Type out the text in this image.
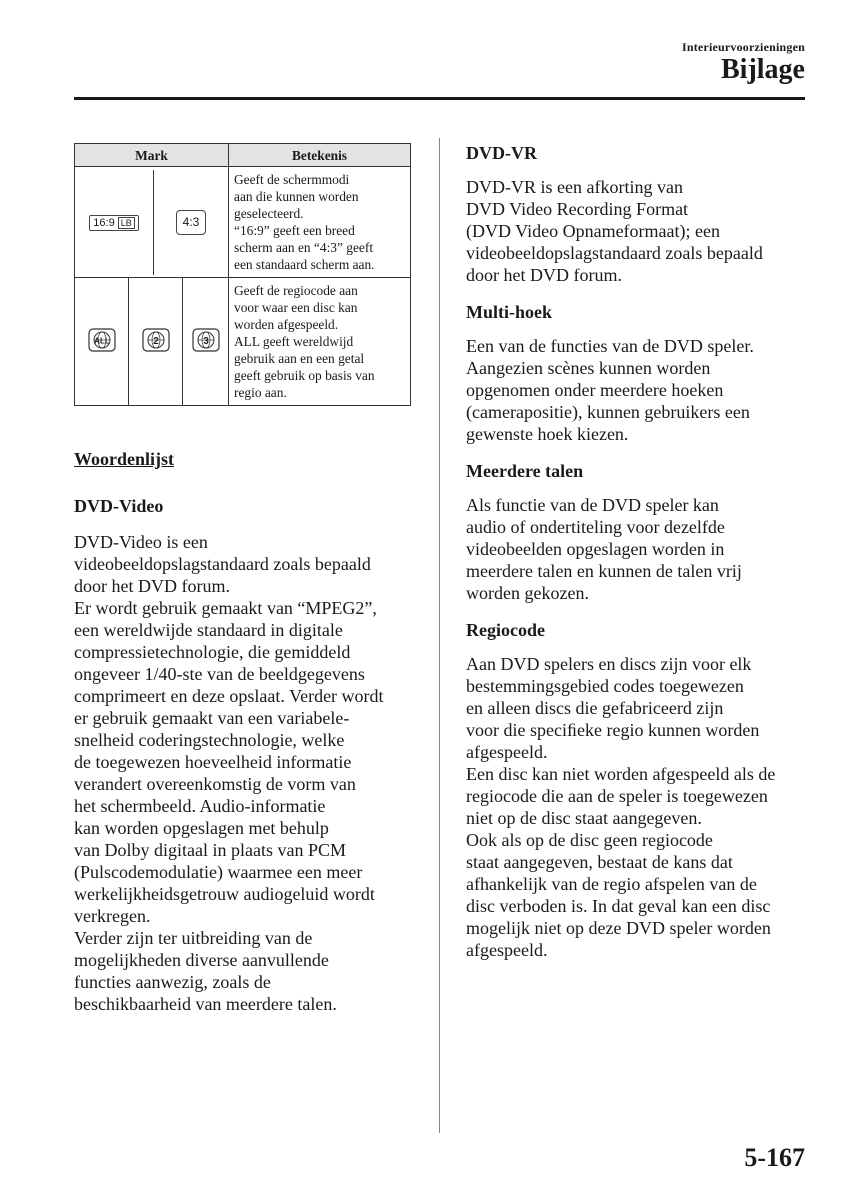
Interieurvoorzieningen
Bijlage
Mark	Betekenis

16:9 LB	4:3

Geeft de schermmodi
aan die kunnen worden
geselecteerd.
“16:9” geeft een breed
scherm aan en “4:3” geeft
een standaard scherm aan.

ALL	2	3

Geeft de regiocode aan
voor waar een disc kan
worden afgespeeld.
ALL geeft wereldwijd
gebruik aan en een getal
geeft gebruik op basis van
regio aan.
Woordenlijst
DVD-Video
DVD-Video is een
videobeeldopslagstandaard zoals bepaald
door het DVD forum.
Er wordt gebruik gemaakt van “MPEG2”,
een wereldwijde standaard in digitale
compressietechnologie, die gemiddeld
ongeveer 1/40-ste van de beeldgegevens
comprimeert en deze opslaat. Verder wordt
er gebruik gemaakt van een variabele-
snelheid coderingstechnologie, welke
de toegewezen hoeveelheid informatie
verandert overeenkomstig de vorm van
het schermbeeld. Audio-informatie
kan worden opgeslagen met behulp
van Dolby digitaal in plaats van PCM
(Pulscodemodulatie) waarmee een meer
werkelijkheidsgetrouw audiogeluid wordt
verkregen.
Verder zijn ter uitbreiding van de
mogelijkheden diverse aanvullende
functies aanwezig, zoals de
beschikbaarheid van meerdere talen.
DVD-VR
DVD-VR is een afkorting van
DVD Video Recording Format
(DVD Video Opnameformaat); een
videobeeldopslagstandaard zoals bepaald
door het DVD forum.
Multi-hoek
Een van de functies van de DVD speler.
Aangezien scènes kunnen worden
opgenomen onder meerdere hoeken
(camerapositie), kunnen gebruikers een
gewenste hoek kiezen.
Meerdere talen
Als functie van de DVD speler kan
audio of ondertiteling voor dezelfde
videobeelden opgeslagen worden in
meerdere talen en kunnen de talen vrij
worden gekozen.
Regiocode
Aan DVD spelers en discs zijn voor elk
bestemmingsgebied codes toegewezen
en alleen discs die gefabriceerd zijn
voor die speciﬁeke regio kunnen worden
afgespeeld.
Een disc kan niet worden afgespeeld als de
regiocode die aan de speler is toegewezen
niet op de disc staat aangegeven.
Ook als op de disc geen regiocode
staat aangegeven, bestaat de kans dat
afhankelijk van de regio afspelen van de
disc verboden is. In dat geval kan een disc
mogelijk niet op deze DVD speler worden
afgespeeld.
5-167
